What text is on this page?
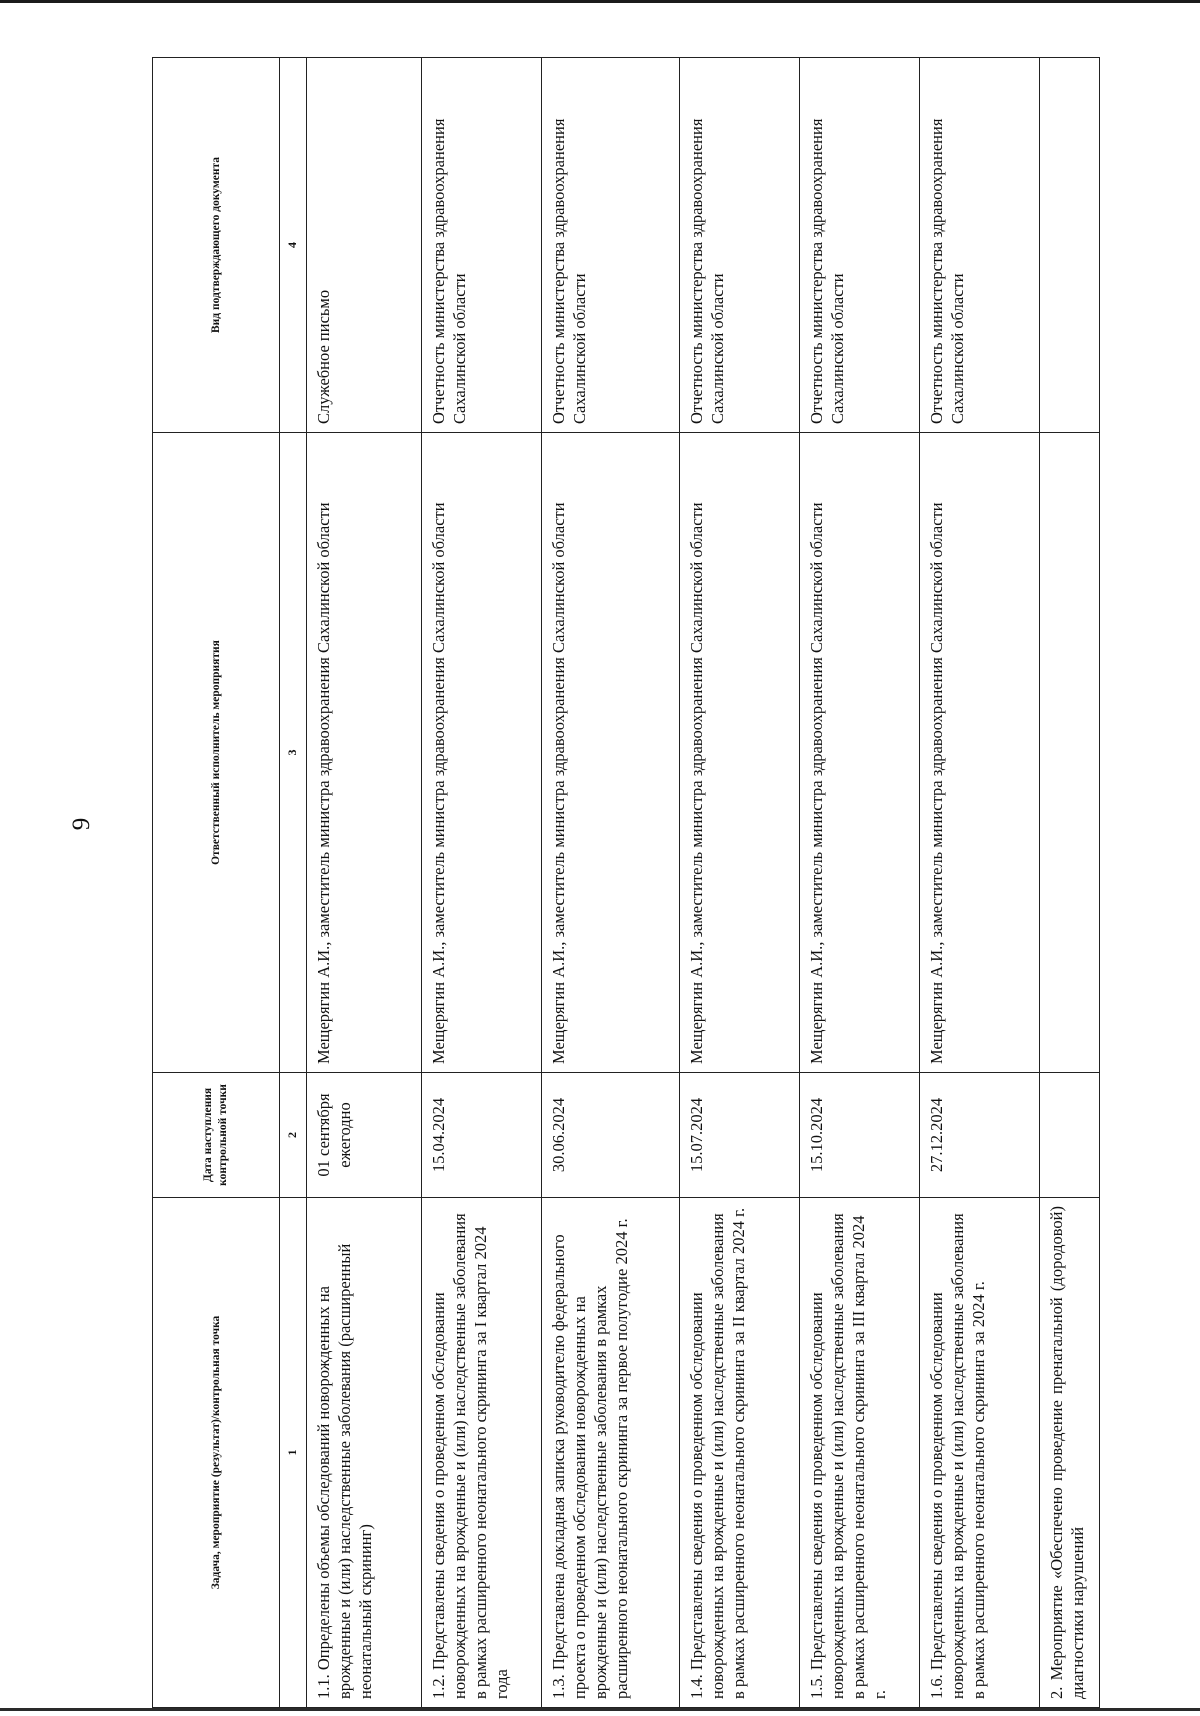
9
Задача, мероприятие (результат)/контрольная точка	Дата наступления контрольной точки	Ответственный исполнитель мероприятия	Вид подтверждающего документа
1	2	3	4
1.1. Определены объемы обследований новорожденных на врожденные и (или) наследственные заболевания (расширенный неонатальный скрининг)	01 сентября ежегодно	Мещерягин А.И., заместитель министра здравоохранения Сахалинской области	Служебное письмо
1.2. Представлены сведения о проведенном обследовании новорожденных на врожденные и (или) наследственные заболевания в рамках расширенного неонатального скрининга за I квартал 2024 года	15.04.2024	Мещерягин А.И., заместитель министра здравоохранения Сахалинской области	Отчетность министерства здравоохранения Сахалинской области
1.3. Представлена докладная записка руководителю федерального проекта о проведенном обследовании новорожденных на врожденные и (или) наследственные заболевания в рамках расширенного неонатального скрининга за первое полугодие 2024 г.	30.06.2024	Мещерягин А.И., заместитель министра здравоохранения Сахалинской области	Отчетность министерства здравоохранения Сахалинской области
1.4. Представлены сведения о проведенном обследовании новорожденных на врожденные и (или) наследственные заболевания в рамках расширенного неонатального скрининга за II квартал 2024 г.	15.07.2024	Мещерягин А.И., заместитель министра здравоохранения Сахалинской области	Отчетность министерства здравоохранения Сахалинской области
1.5. Представлены сведения о проведенном обследовании новорожденных на врожденные и (или) наследственные заболевания в рамках расширенного неонатального скрининга за III квартал 2024 г.	15.10.2024	Мещерягин А.И., заместитель министра здравоохранения Сахалинской области	Отчетность министерства здравоохранения Сахалинской области
1.6. Представлены сведения о проведенном обследовании новорожденных на врожденные и (или) наследственные заболевания в рамках расширенного неонатального скрининга за 2024 г.	27.12.2024	Мещерягин А.И., заместитель министра здравоохранения Сахалинской области	Отчетность министерства здравоохранения Сахалинской области
2. Мероприятие «Обеспечено проведение пренатальной (дородовой) диагностики нарушений			
